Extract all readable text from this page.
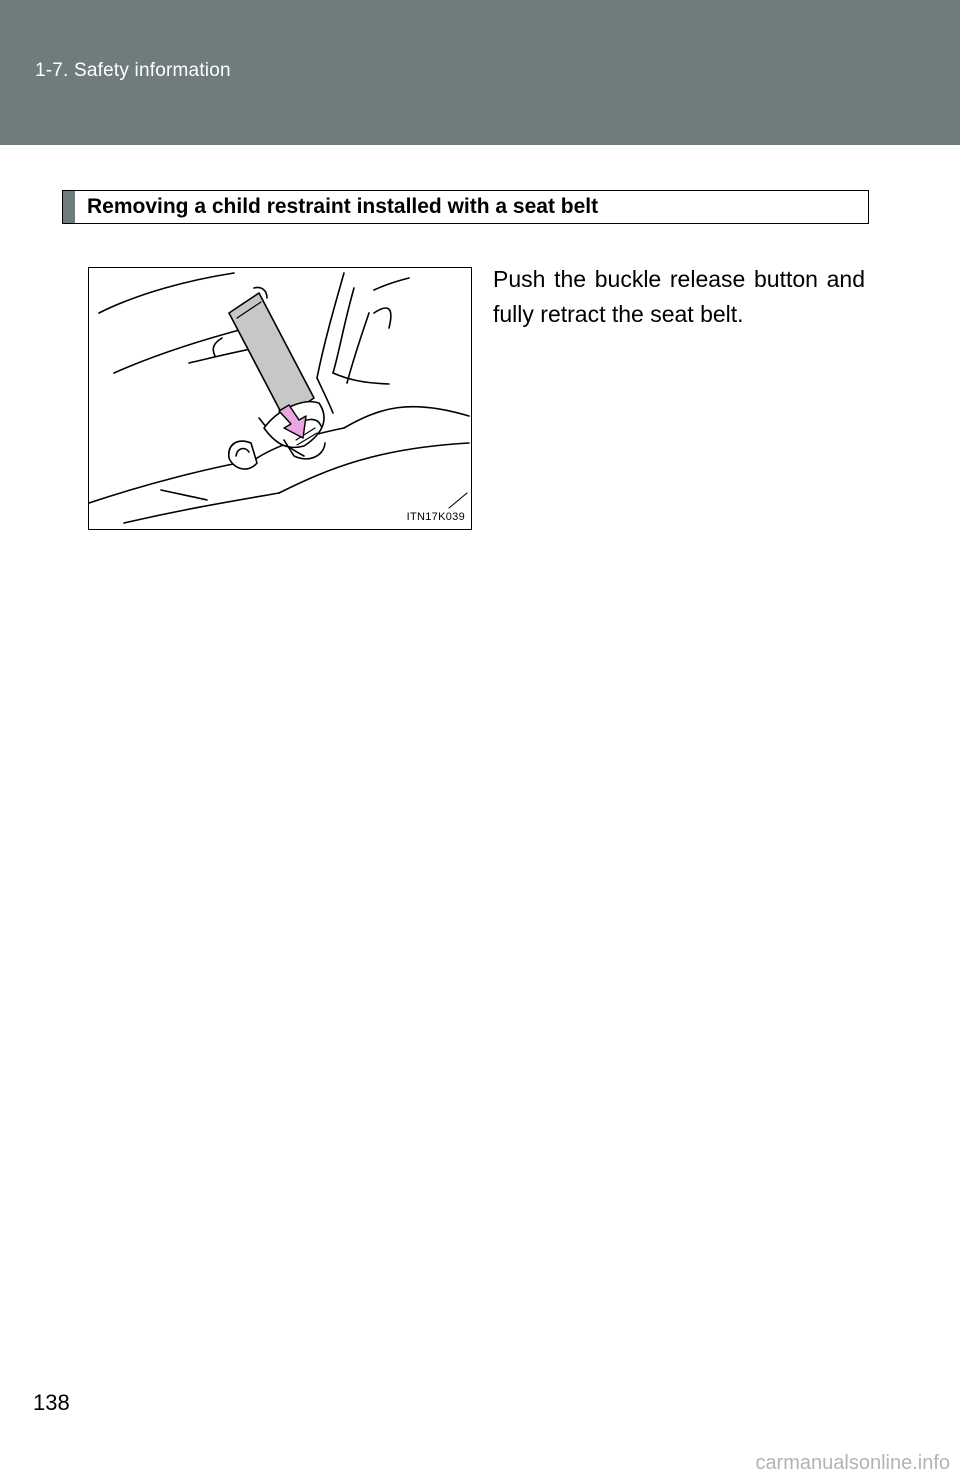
1-7. Safety information
Removing a child restraint installed with a seat belt
ITN17K039

Push the buckle release button and fully retract the seat belt.

138
carmanualsonline.info
